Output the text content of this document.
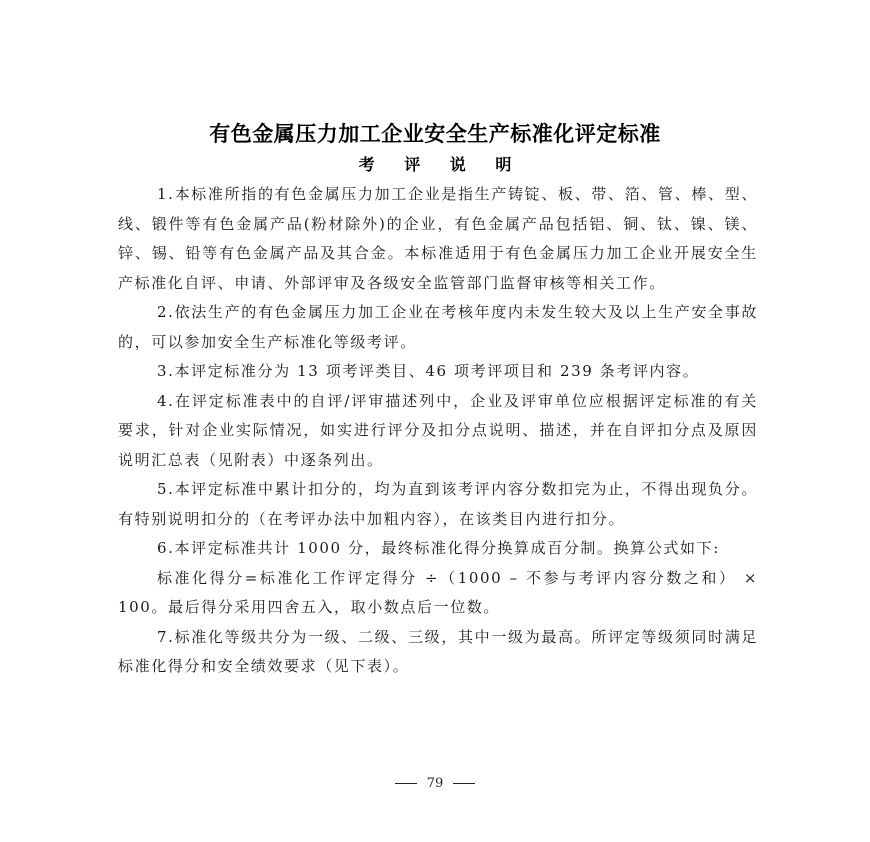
有色金属压力加工企业安全生产标准化评定标准
考 评 说 明

1.本标准所指的有色金属压力加工企业是指生产铸锭、板、带、箔、管、棒、型、线、锻件等有色金属产品(粉材除外)的企业，有色金属产品包括铝、铜、钛、镍、镁、锌、锡、铅等有色金属产品及其合金。本标准适用于有色金属压力加工企业开展安全生产标准化自评、申请、外部评审及各级安全监管部门监督审核等相关工作。

2.依法生产的有色金属压力加工企业在考核年度内未发生较大及以上生产安全事故的，可以参加安全生产标准化等级考评。

3.本评定标准分为 13 项考评类目、46 项考评项目和 239 条考评内容。

4.在评定标准表中的自评/评审描述列中，企业及评审单位应根据评定标准的有关要求，针对企业实际情况，如实进行评分及扣分点说明、描述，并在自评扣分点及原因说明汇总表（见附表）中逐条列出。

5.本评定标准中累计扣分的，均为直到该考评内容分数扣完为止，不得出现负分。有特别说明扣分的（在考评办法中加粗内容），在该类目内进行扣分。

6.本评定标准共计 1000 分，最终标准化得分换算成百分制。换算公式如下:

标准化得分=标准化工作评定得分 ÷（1000 – 不参与考评内容分数之和） × 100。最后得分采用四舍五入，取小数点后一位数。

7.标准化等级共分为一级、二级、三级，其中一级为最高。所评定等级须同时满足标准化得分和安全绩效要求（见下表）。

79
